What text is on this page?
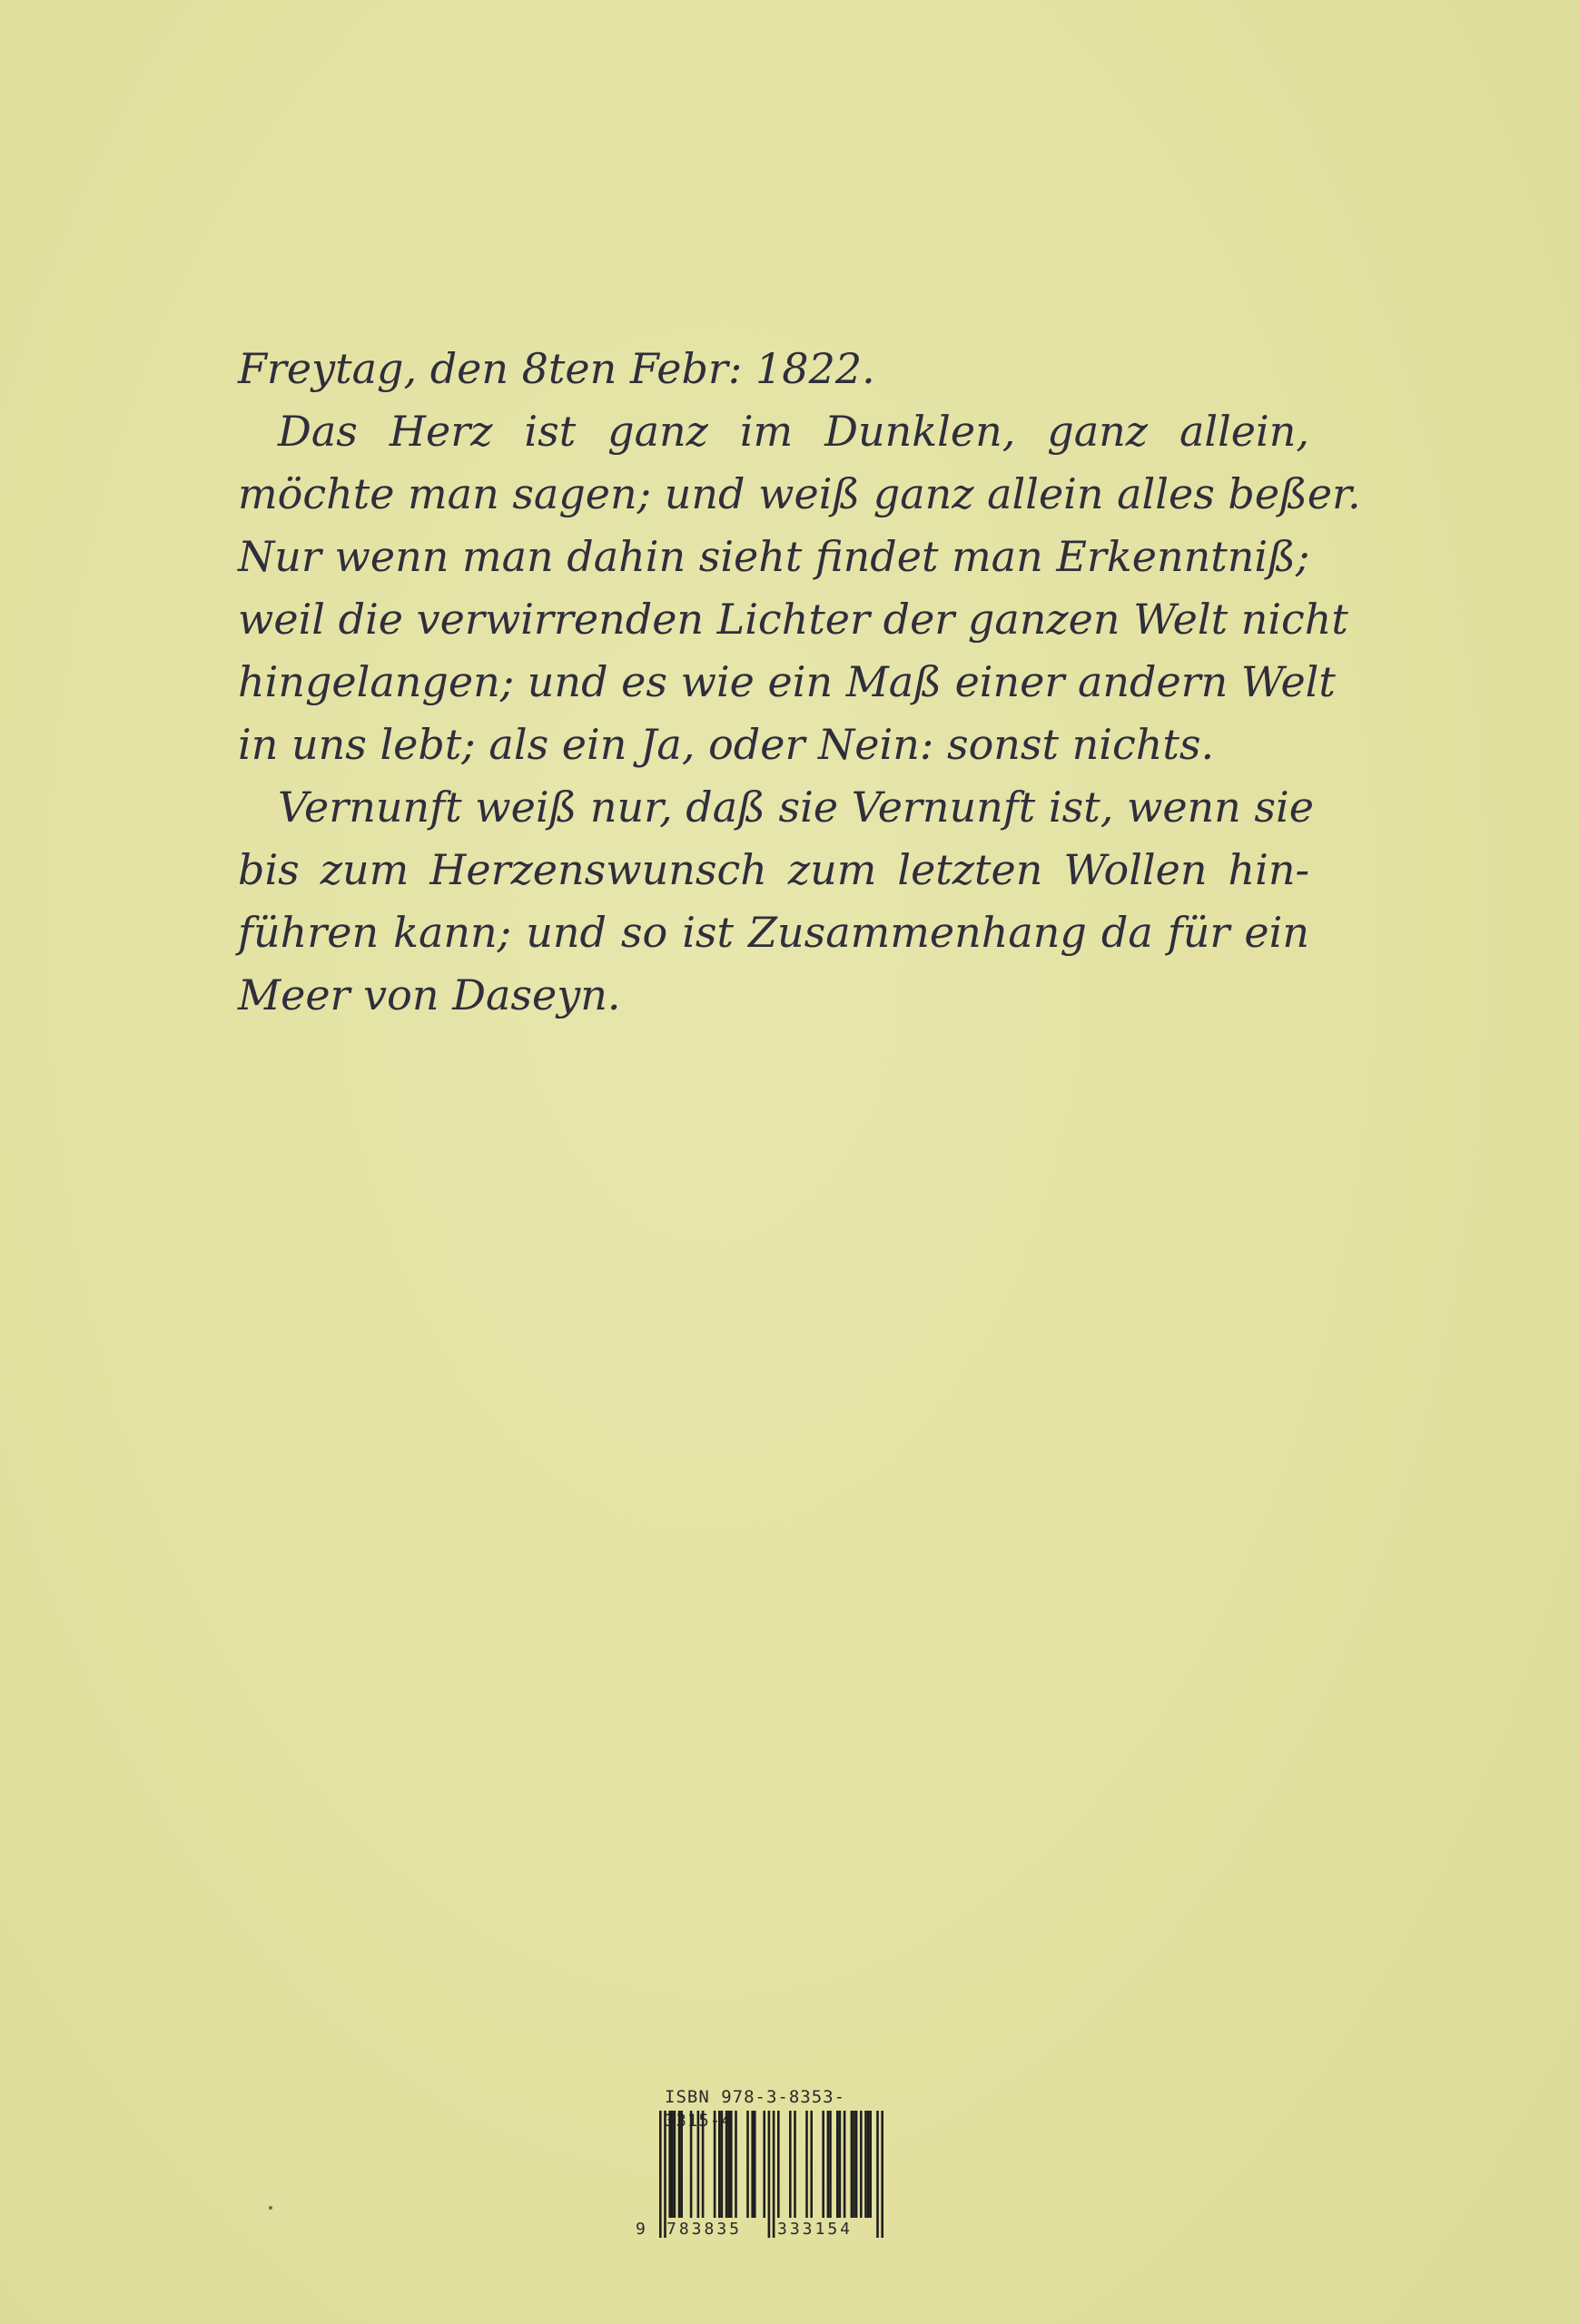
Freytag, den 8ten Febr: 1822.
Das Herz ist ganz im Dunklen, ganz allein,
möchte man sagen; und weiß ganz allein alles beßer.
Nur wenn man dahin sieht findet man Erkenntniß;
weil die verwirrenden Lichter der ganzen Welt nicht
hingelangen; und es wie ein Maß einer andern Welt
in uns lebt; als ein Ja, oder Nein: sonst nichts.
Vernunft weiß nur, daß sie Vernunft ist, wenn sie
bis zum Herzenswunsch zum letzten Wollen hin-
führen kann; und so ist Zusammenhang da für ein
Meer von Daseyn.
ISBN 978-3-8353- 315-4
9 783835 333154
